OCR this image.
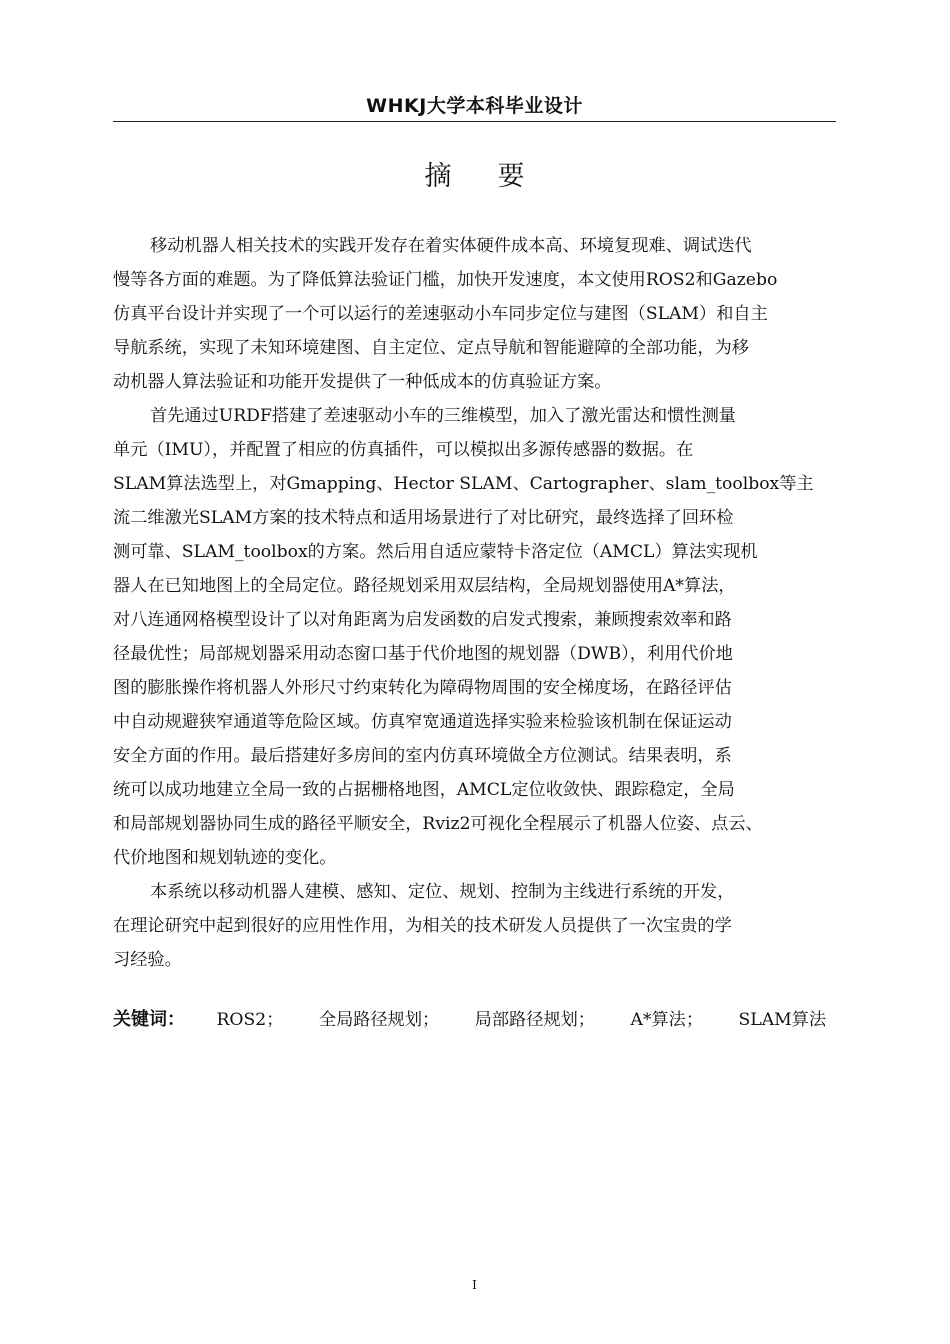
WHKJ大学本科毕业设计
摘要
移动机器人相关技术的实践开发存在着实体硬件成本高、环境复现难、调试迭代
慢等各方面的难题。为了降低算法验证门槛，加快开发速度，本文使用ROS2和Gazebo
仿真平台设计并实现了一个可以运行的差速驱动小车同步定位与建图（SLAM）和自主
导航系统，实现了未知环境建图、自主定位、定点导航和智能避障的全部功能，为移
动机器人算法验证和功能开发提供了一种低成本的仿真验证方案。
首先通过URDF搭建了差速驱动小车的三维模型，加入了激光雷达和惯性测量
单元（IMU），并配置了相应的仿真插件，可以模拟出多源传感器的数据。在
SLAM算法选型上，对Gmapping、Hector SLAM、Cartographer、slam_toolbox等主
流二维激光SLAM方案的技术特点和适用场景进行了对比研究，最终选择了回环检
测可靠、SLAM_toolbox的方案。然后用自适应蒙特卡洛定位（AMCL）算法实现机
器人在已知地图上的全局定位。路径规划采用双层结构，全局规划器使用A*算法，
对八连通网格模型设计了以对角距离为启发函数的启发式搜索，兼顾搜索效率和路
径最优性；局部规划器采用动态窗口基于代价地图的规划器（DWB），利用代价地
图的膨胀操作将机器人外形尺寸约束转化为障碍物周围的安全梯度场，在路径评估
中自动规避狭窄通道等危险区域。仿真窄宽通道选择实验来检验该机制在保证运动
安全方面的作用。最后搭建好多房间的室内仿真环境做全方位测试。结果表明，系
统可以成功地建立全局一致的占据栅格地图，AMCL定位收敛快、跟踪稳定，全局
和局部规划器协同生成的路径平顺安全，Rviz2可视化全程展示了机器人位姿、点云、
代价地图和规划轨迹的变化。
本系统以移动机器人建模、感知、定位、规划、控制为主线进行系统的开发，
在理论研究中起到很好的应用性作用，为相关的技术研发人员提供了一次宝贵的学
习经验。
关键词： ROS2； 全局路径规划； 局部路径规划； A*算法； SLAM算法
I
